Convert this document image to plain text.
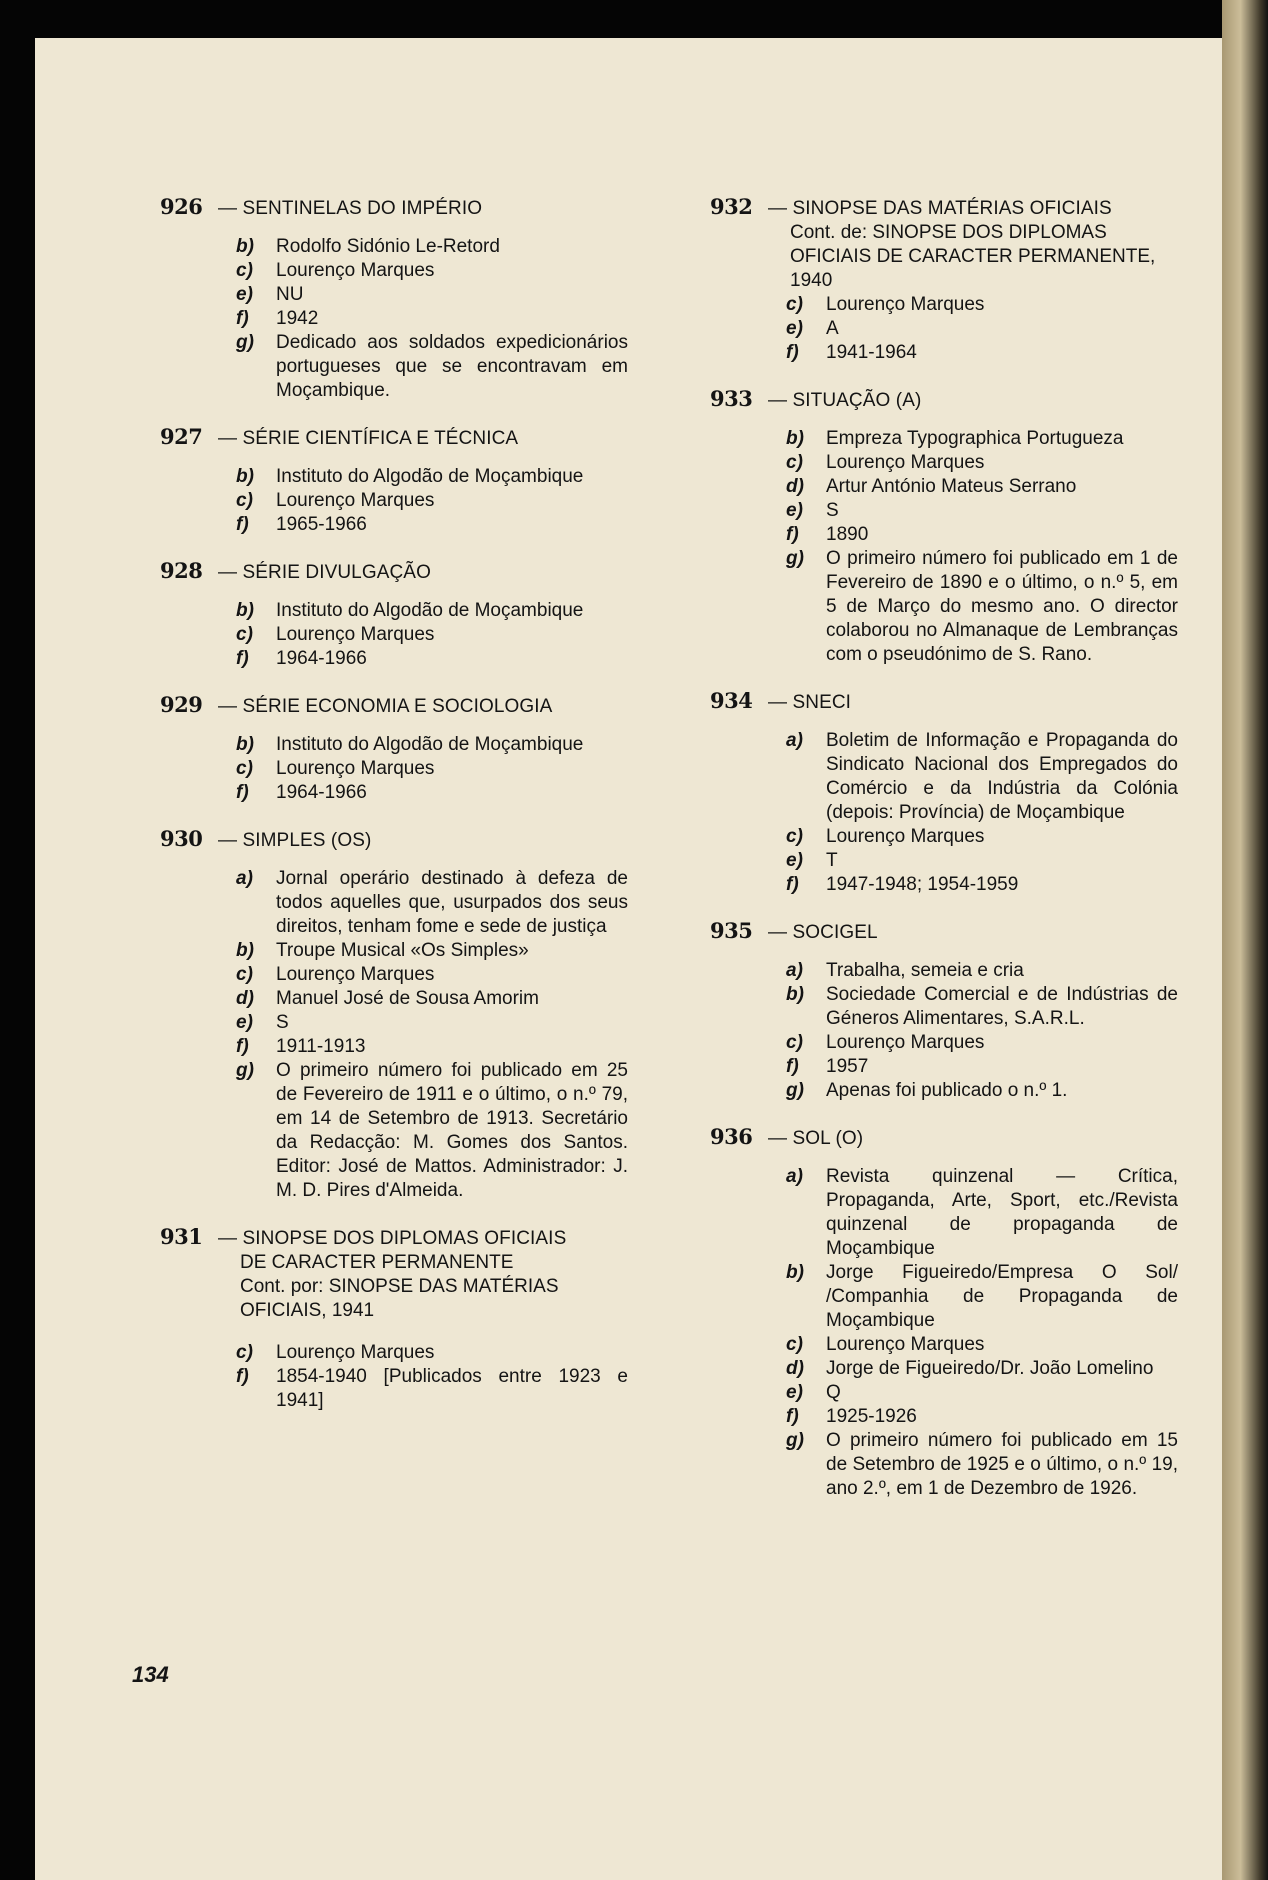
926 — SENTINELAS DO IMPÉRIO
b)	Rodolfo Sidónio Le-Retord
c)	Lourenço Marques
e)	NU
f)	1942
g)	Dedicado aos soldados expedicionários portugueses que se encontravam em Moçambique.
927 — SÉRIE CIENTÍFICA E TÉCNICA
b)	Instituto do Algodão de Moçambique
c)	Lourenço Marques
f)	1965-1966
928 — SÉRIE DIVULGAÇÃO
b)	Instituto do Algodão de Moçambique
c)	Lourenço Marques
f)	1964-1966
929 — SÉRIE ECONOMIA E SOCIOLOGIA
b)	Instituto do Algodão de Moçambique
c)	Lourenço Marques
f)	1964-1966
930 — SIMPLES (OS)
a)	Jornal operário destinado à defeza de todos aquelles que, usurpados dos seus direitos, tenham fome e sede de justiça
b)	Troupe Musical «Os Simples»
c)	Lourenço Marques
d)	Manuel José de Sousa Amorim
e)	S
f)	1911-1913
g)	O primeiro número foi publicado em 25 de Fevereiro de 1911 e o último, o n.º 79, em 14 de Setembro de 1913. Secretário da Redacção: M. Gomes dos Santos. Editor: José de Mattos. Administrador: J. M. D. Pires d'Almeida.
931 — SINOPSE DOS DIPLOMAS OFICIAIS
DE CARACTER PERMANENTE
Cont. por: SINOPSE DAS MATÉRIAS OFICIAIS, 1941
c)	Lourenço Marques
f)	1854-1940 [Publicados entre 1923 e 1941]
932 — SINOPSE DAS MATÉRIAS OFICIAIS
Cont. de: SINOPSE DOS DIPLOMAS OFICIAIS DE CARACTER PERMANENTE, 1940
c)	Lourenço Marques
e)	A
f)	1941-1964
933 — SITUAÇÃO (A)
b)	Empreza Typographica Portugueza
c)	Lourenço Marques
d)	Artur António Mateus Serrano
e)	S
f)	1890
g)	O primeiro número foi publicado em 1 de Fevereiro de 1890 e o último, o n.º 5, em 5 de Março do mesmo ano. O director colaborou no Almanaque de Lembranças com o pseudónimo de S. Rano.
934 — SNECI
a)	Boletim de Informação e Propaganda do Sindicato Nacional dos Empregados do Comércio e da Indústria da Colónia (depois: Província) de Moçambique
c)	Lourenço Marques
e)	T
f)	1947-1948; 1954-1959
935 — SOCIGEL
a)	Trabalha, semeia e cria
b)	Sociedade Comercial e de Indústrias de Géneros Alimentares, S.A.R.L.
c)	Lourenço Marques
f)	1957
g)	Apenas foi publicado o n.º 1.
936 — SOL (O)
a)	Revista quinzenal — Crítica, Propaganda, Arte, Sport, etc./Revista quinzenal de propaganda de Moçambique
b)	Jorge Figueiredo/Empresa O Sol/ /Companhia de Propaganda de Moçambique
c)	Lourenço Marques
d)	Jorge de Figueiredo/Dr. João Lomelino
e)	Q
f)	1925-1926
g)	O primeiro número foi publicado em 15 de Setembro de 1925 e o último, o n.º 19, ano 2.º, em 1 de Dezembro de 1926.
134
